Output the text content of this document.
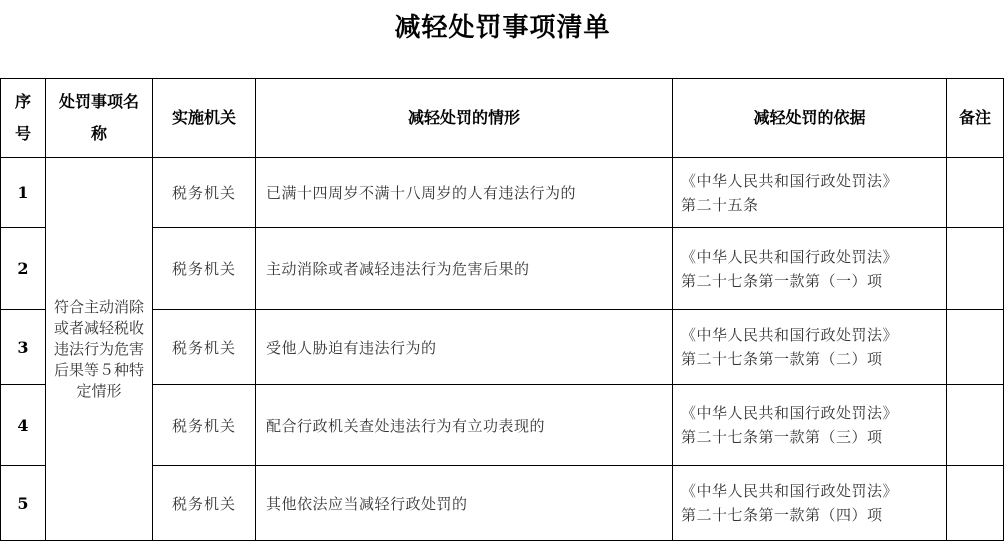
减轻处罚事项清单
序号	处罚事项名称	实施机关	减轻处罚的情形	减轻处罚的依据	备注
1	符合主动消除或者减轻税收违法行为危害后果等５种特定情形	税务机关	已满十四周岁不满十八周岁的人有违法行为的	《中华人民共和国行政处罚法》
第二十五条	

2		税务机关	主动消除或者减轻违法行为危害后果的	《中华人民共和国行政处罚法》
第二十七条第一款第（一）项	

3		税务机关	受他人胁迫有违法行为的	《中华人民共和国行政处罚法》
第二十七条第一款第（二）项	

4		税务机关	配合行政机关查处违法行为有立功表现的	《中华人民共和国行政处罚法》
第二十七条第一款第（三）项	

5		税务机关	其他依法应当减轻行政处罚的	《中华人民共和国行政处罚法》
第二十七条第一款第（四）项	
